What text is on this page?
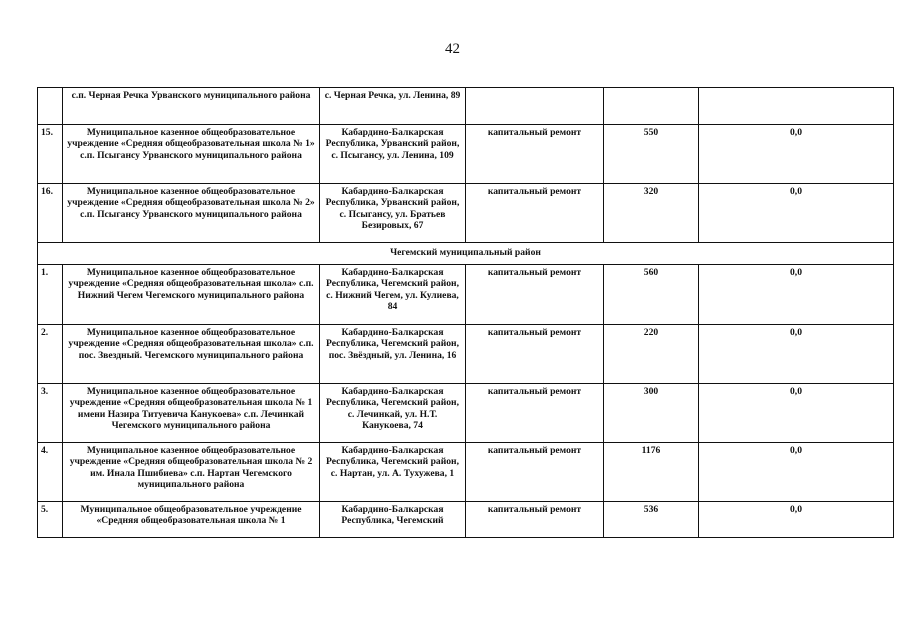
42
	с.п. Черная Речка Урванского муниципального района	с. Черная Речка, ул. Ленина, 89			
15.	Муниципальное казенное общеобразовательное учреждение «Средняя общеобразовательная школа № 1» с.п. Псыгансу Урванского муниципального района	Кабардино-Балкарская Республика, Урванский район, с. Псыгансу, ул. Ленина, 109	капитальный ремонт	550	0,0
16.	Муниципальное казенное общеобразовательное учреждение «Средняя общеобразовательная школа № 2» с.п. Псыгансу Урванского муниципального района	Кабардино-Балкарская Республика, Урванский район, с. Псыгансу, ул. Братьев Безировых, 67	капитальный ремонт	320	0,0
Чегемский муниципальный район					
1.	Муниципальное казенное общеобразовательное учреждение «Средняя общеобразовательная школа» с.п. Нижний Чегем Чегемского муниципального района	Кабардино-Балкарская Республика, Чегемский район, с. Нижний Чегем, ул. Кулиева, 84	капитальный ремонт	560	0,0
2.	Муниципальное казенное общеобразовательное учреждение «Средняя общеобразовательная школа» с.п. пос. Звездный. Чегемского муниципального района	Кабардино-Балкарская Республика, Чегемский район, пос. Звёздный, ул. Ленина, 16	капитальный ремонт	220	0,0
3.	Муниципальное казенное общеобразовательное учреждение «Средняя общеобразовательная школа № 1 имени Назира Титуевича Канукоева» с.п. Лечинкай Чегемского муниципального района	Кабардино-Балкарская Республика, Чегемский район, с. Лечинкай, ул. Н.Т. Канукоева, 74	капитальный ремонт	300	0,0
4.	Муниципальное казенное общеобразовательное учреждение «Средняя общеобразовательная школа № 2 им. Иналa Пшибиева» с.п. Нартан Чегемского муниципального района	Кабардино-Балкарская Республика, Чегемский район, с. Нартан, ул. А. Тухужева, 1	капитальный ремонт	1176	0,0
5.	Муниципальное общеобразовательное учреждение «Средняя общеобразовательная школа № 1	Кабардино-Балкарская Республика, Чегемский	капитальный ремонт	536	0,0
